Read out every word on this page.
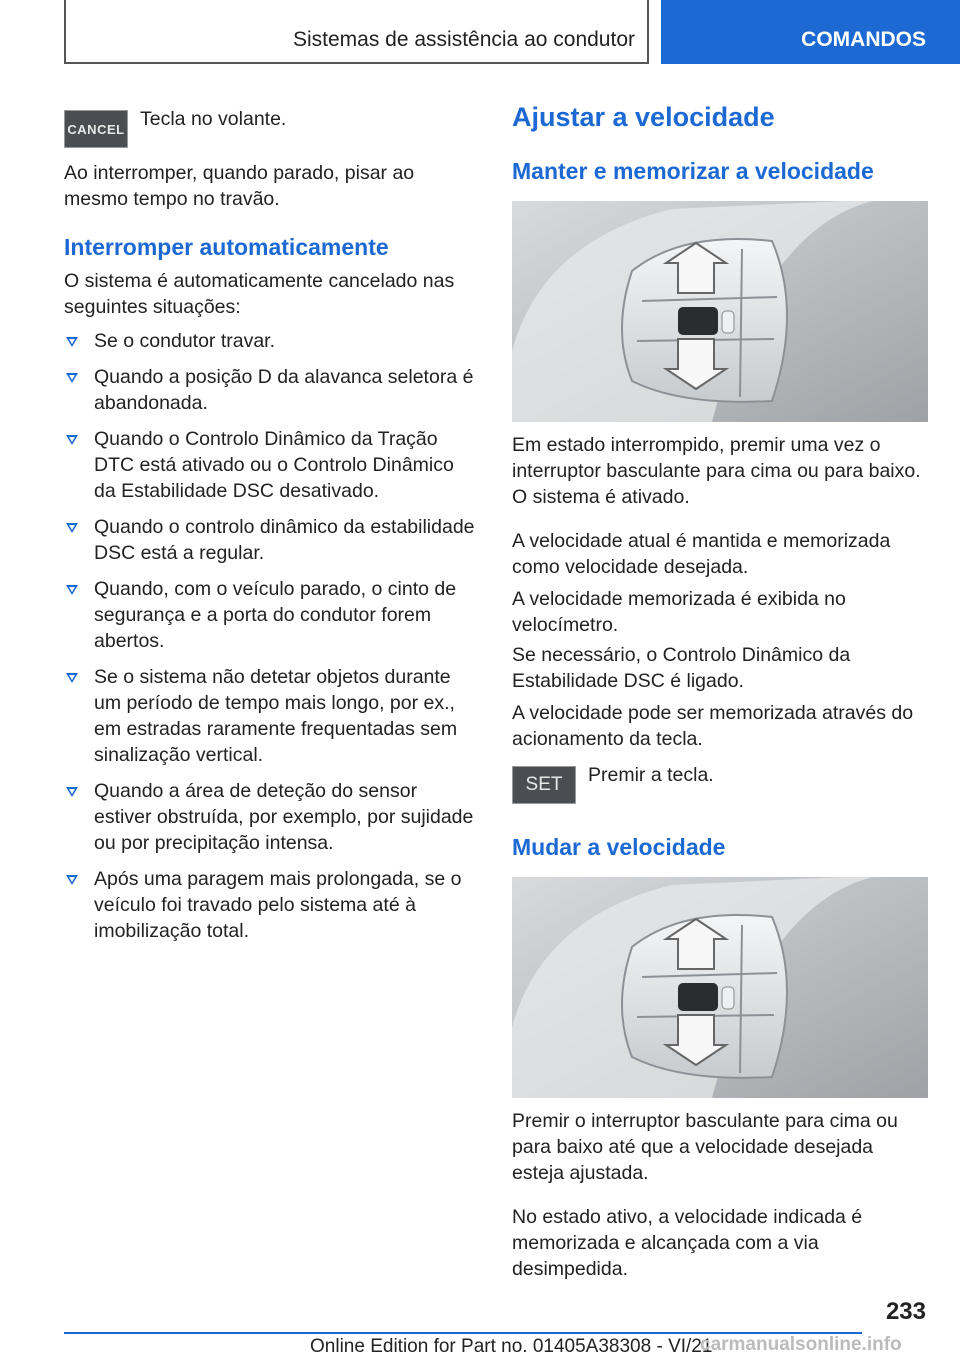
Sistemas de assistência ao condutor	COMANDOS
CANCEL Tecla no volante.

Ao interromper, quando parado, pisar ao mesmo tempo no travão.

Interromper automaticamente

O sistema é automaticamente cancelado nas seguintes situações:

Se o condutor travar.
Quando a posição D da alavanca seletora é abandonada.
Quando o Controlo Dinâmico da Tração DTC está ativado ou o Controlo Dinâmico da Estabilidade DSC desativado.
Quando o controlo dinâmico da estabilidade DSC está a regular.
Quando, com o veículo parado, o cinto de segurança e a porta do condutor forem abertos.
Se o sistema não detetar objetos durante um período de tempo mais longo, por ex., em estradas raramente frequentadas sem sinalização vertical.
Quando a área de deteção do sensor estiver obstruída, por exemplo, por sujidade ou por precipitação intensa.
Após uma paragem mais prolongada, se o veículo foi travado pelo sistema até à imobilização total.
Ajustar a velocidade
Manter e memorizar a velocidade

Em estado interrompido, premir uma vez o interruptor basculante para cima ou para baixo. O sistema é ativado.

A velocidade atual é mantida e memorizada como velocidade desejada.

A velocidade memorizada é exibida no velocímetro.

Se necessário, o Controlo Dinâmico da Estabilidade DSC é ligado.

A velocidade pode ser memorizada através do acionamento da tecla.

SET	Premir a tecla.

Mudar a velocidade

Premir o interruptor basculante para cima ou para baixo até que a velocidade desejada esteja ajustada.

No estado ativo, a velocidade indicada é memorizada e alcançada com a via desimpedida.

233
Online Edition for Part no. 01405A38308 - VI/21
carmanualsonline.info
